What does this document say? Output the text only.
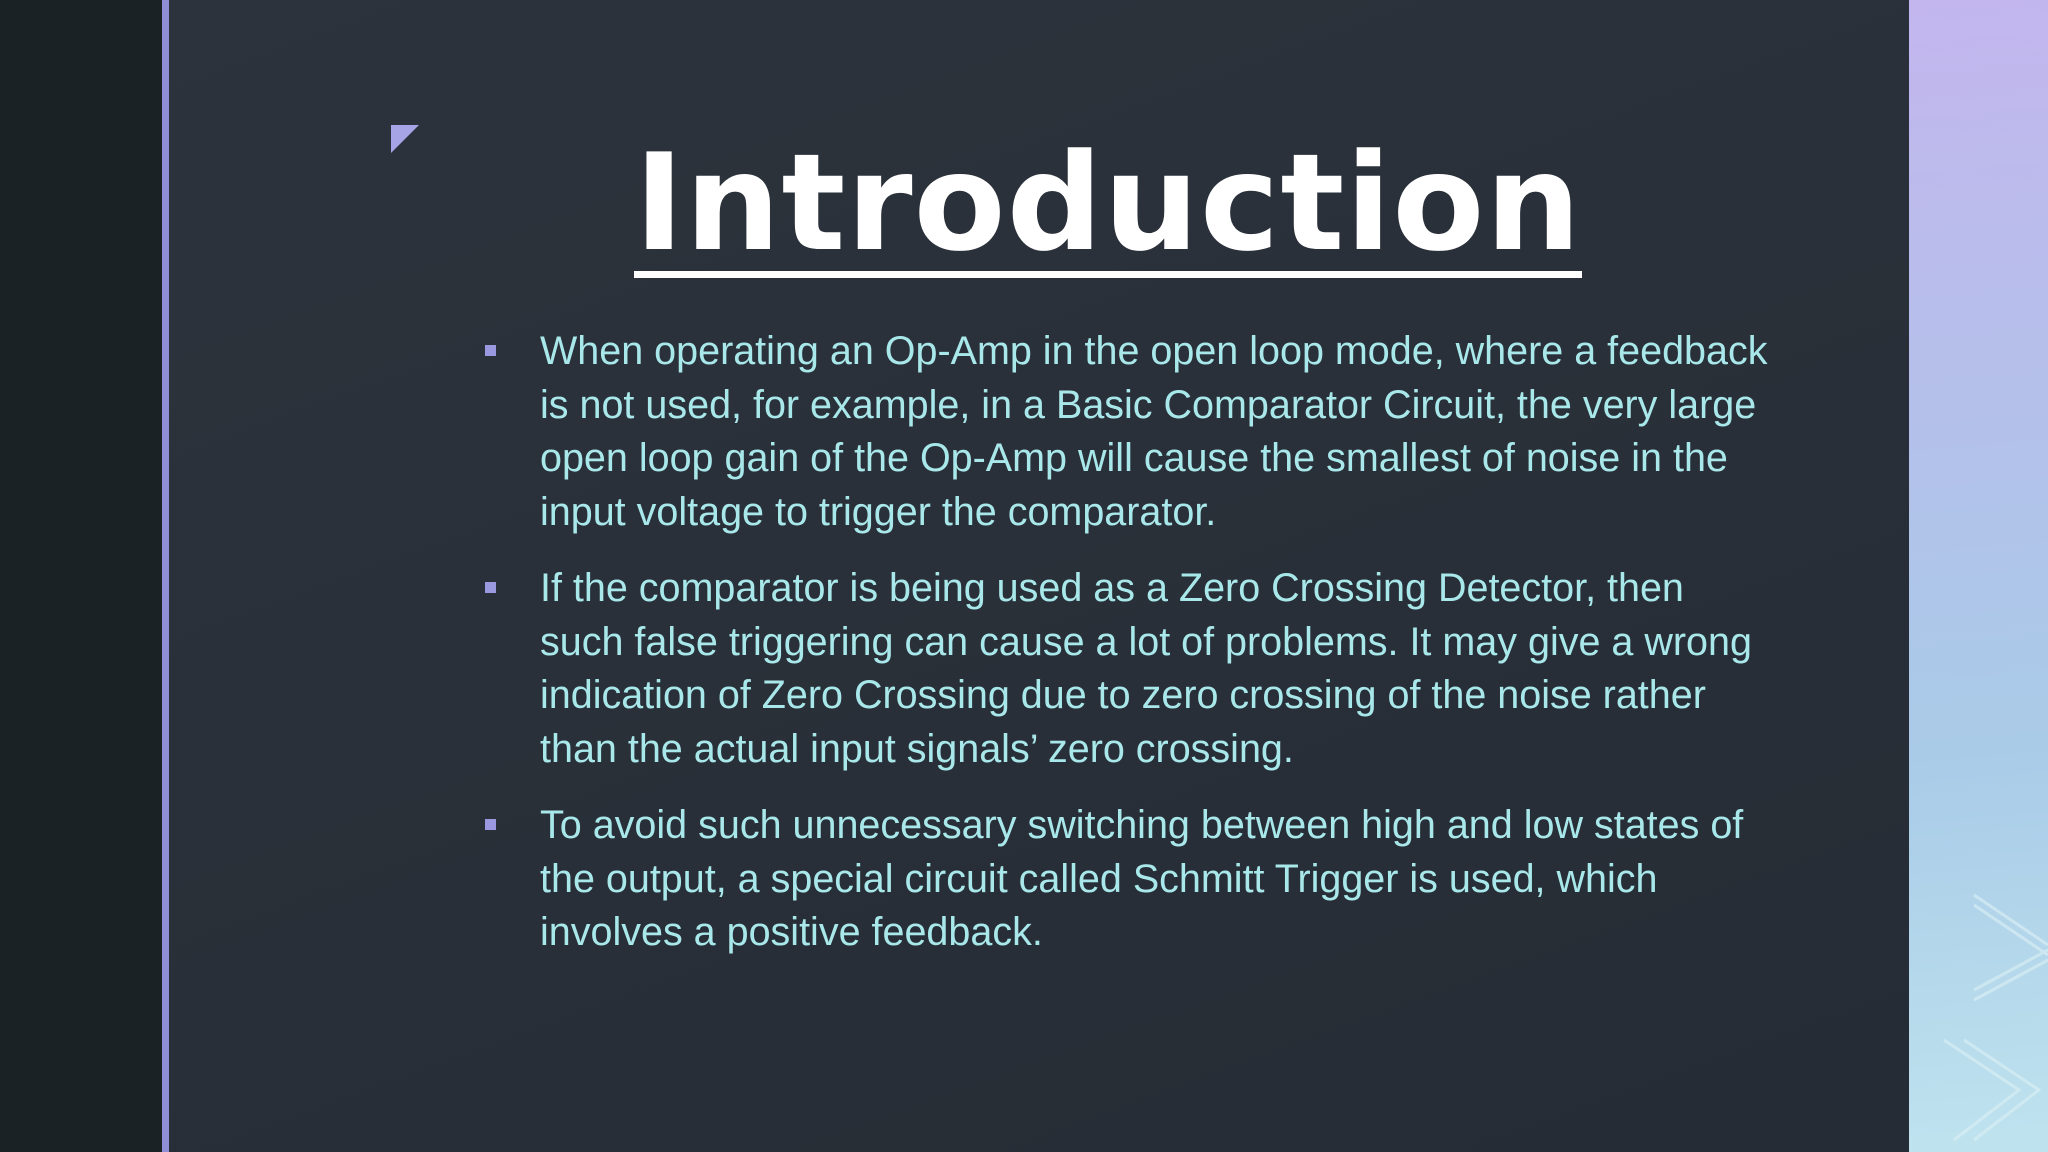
Introduction
When operating an Op-Amp in the open loop mode, where a feedback is not used, for example, in a Basic Comparator Circuit, the very large open loop gain of the Op-Amp will cause the smallest of noise in the input voltage to trigger the comparator.
If the comparator is being used as a Zero Crossing Detector, then such false triggering can cause a lot of problems. It may give a wrong indication of Zero Crossing due to zero crossing of the noise rather than the actual input signals’ zero crossing.
To avoid such unnecessary switching between high and low states of the output, a special circuit called Schmitt Trigger is used, which involves a positive feedback.
